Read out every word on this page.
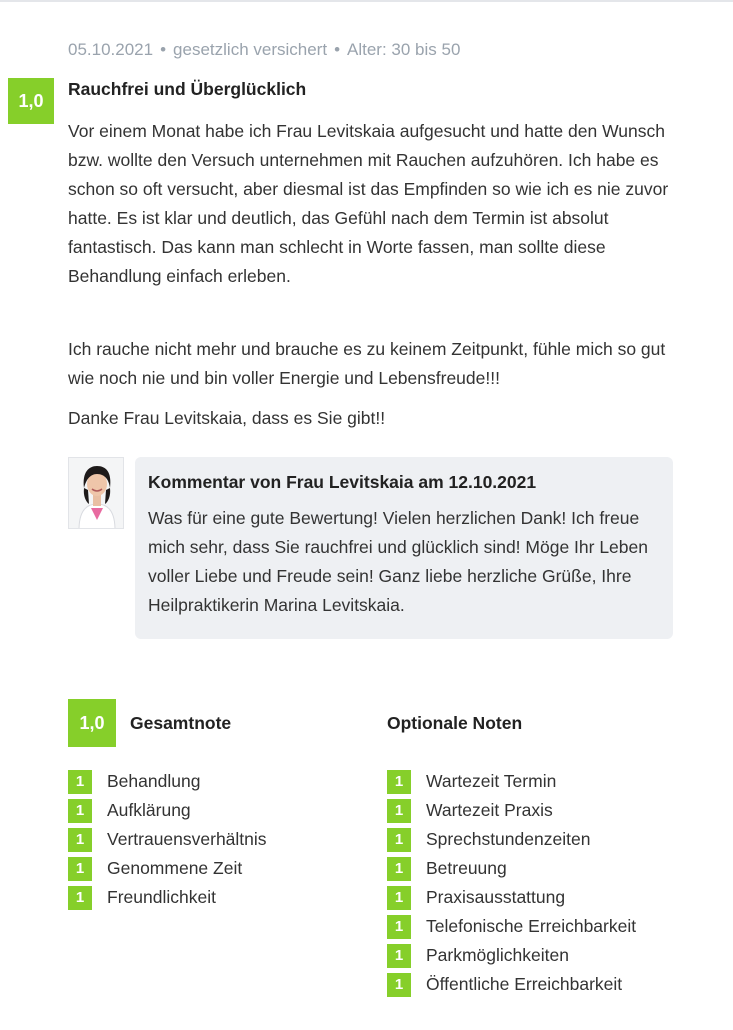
05.10.2021 • gesetzlich versichert • Alter: 30 bis 50
1,0
Rauchfrei und Überglücklich

Vor einem Monat habe ich Frau Levitskaia aufgesucht und hatte den Wunsch bzw. wollte den Versuch unternehmen mit Rauchen aufzuhören. Ich habe es schon so oft versucht, aber diesmal ist das Empfinden so wie ich es nie zuvor hatte. Es ist klar und deutlich, das Gefühl nach dem Termin ist absolut fantastisch. Das kann man schlecht in Worte fassen, man sollte diese Behandlung einfach erleben.

Ich rauche nicht mehr und brauche es zu keinem Zeitpunkt, fühle mich so gut wie noch nie und bin voller Energie und Lebensfreude!!!

Danke Frau Levitskaia, dass es Sie gibt!!

Kommentar von Frau Levitskaia am 12.10.2021
Was für eine gute Bewertung! Vielen herzlichen Dank! Ich freue mich sehr, dass Sie rauchfrei und glücklich sind! Möge Ihr Leben voller Liebe und Freude sein! Ganz liebe herzliche Grüße, Ihre Heilpraktikerin Marina Levitskaia.
1,0	Gesamtnote	Optionale Noten
1	Behandlung
1	Aufklärung
1	Vertrauensverhältnis
1	Genommene Zeit
1	Freundlichkeit
1	Wartezeit Termin
1	Wartezeit Praxis
1	Sprechstundenzeiten
1	Betreuung
1	Praxisausstattung
1	Telefonische Erreichbarkeit
1	Parkmöglichkeiten
1	Öffentliche Erreichbarkeit
